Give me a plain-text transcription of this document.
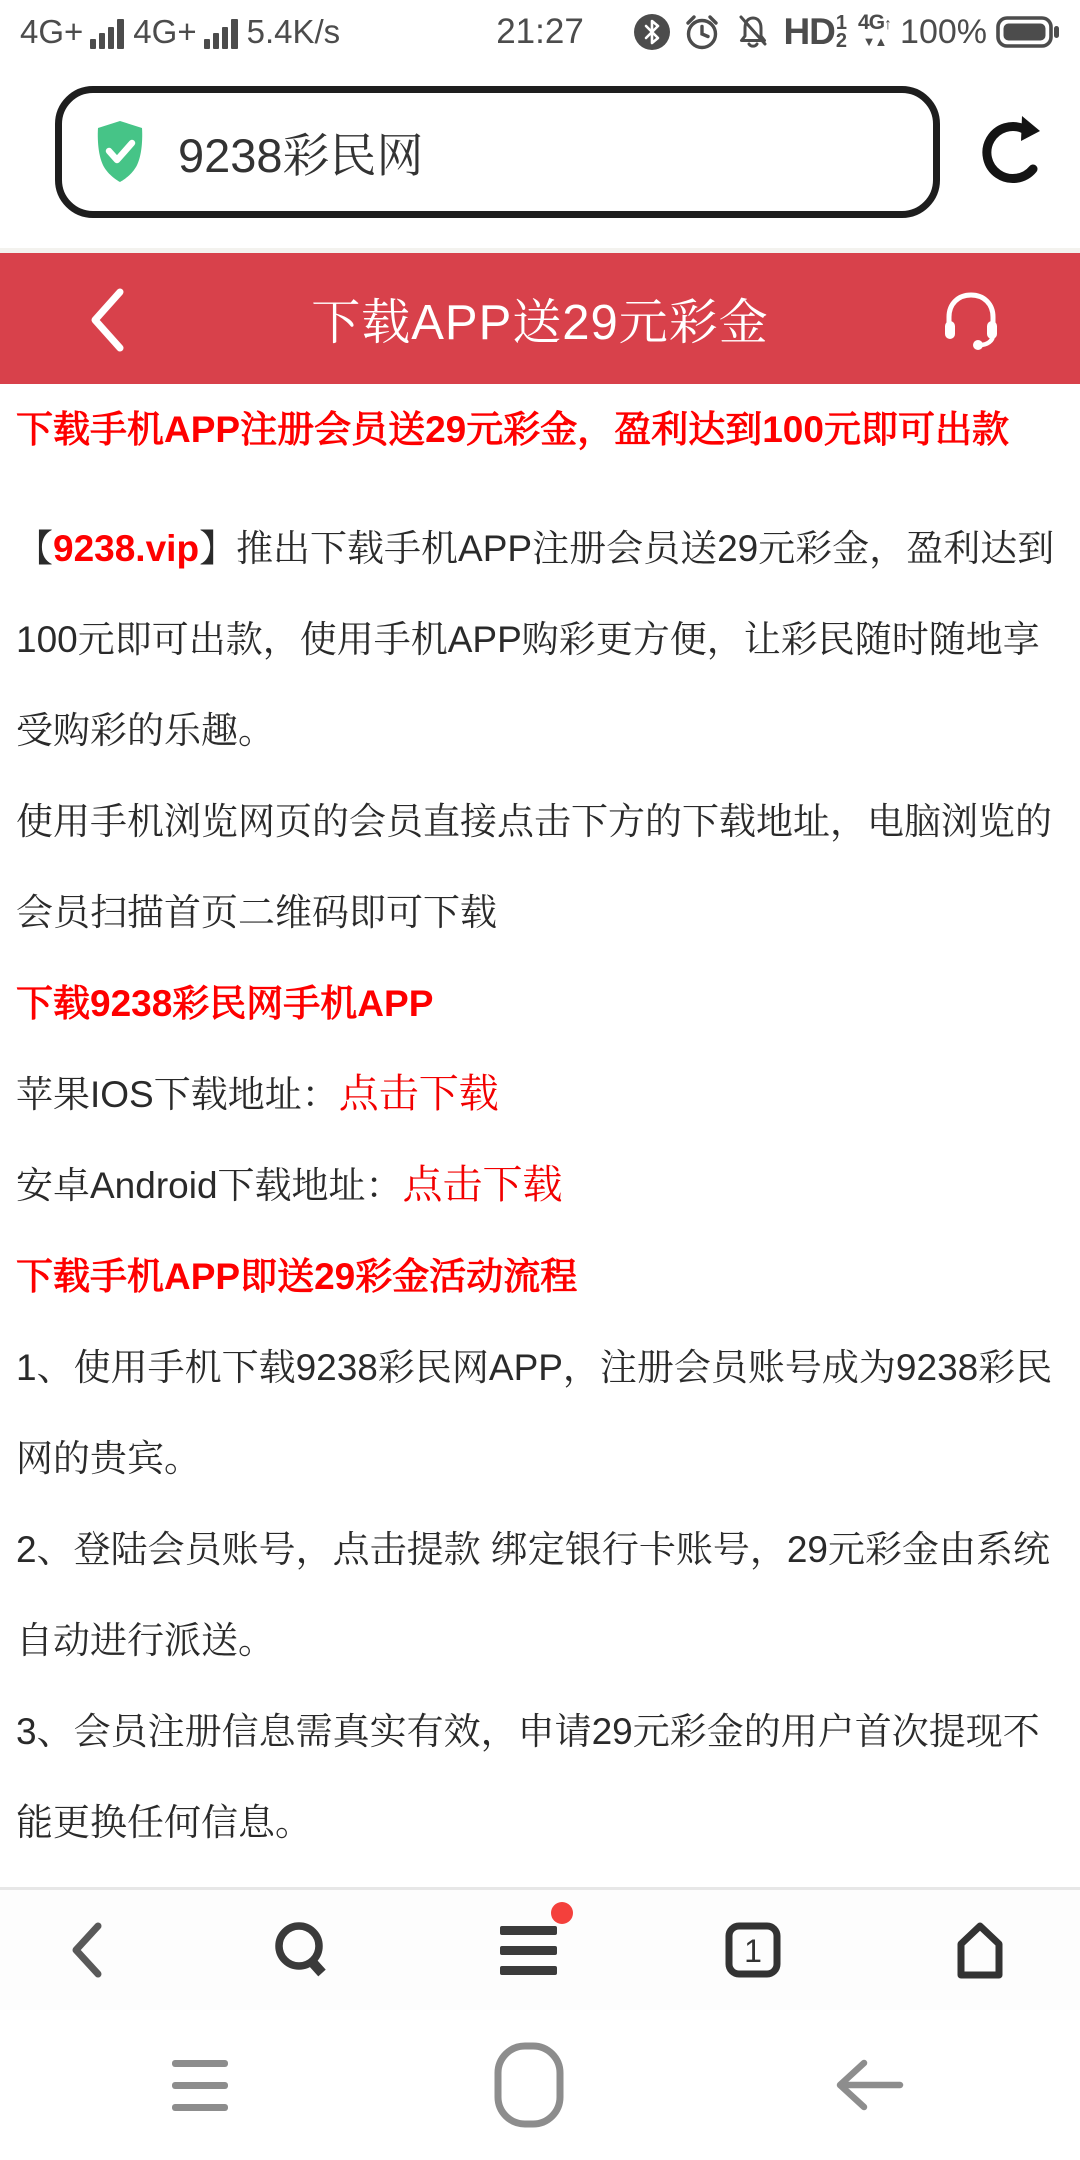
4G+ 4G+ 5.4K/s	21:27	HD 1
2
4G↑
▼▲ 100%
9238彩民网
下载APP送29元彩金

下载手机APP注册会员送29元彩金，盈利达到100元即可出款

【9238.vip】推出下载手机APP注册会员送29元彩金，盈利达到100元即可出款，使用手机APP购彩更方便，让彩民随时随地享受购彩的乐趣。

使用手机浏览网页的会员直接点击下方的下载地址，电脑浏览的会员扫描首页二维码即可下载

下载9238彩民网手机APP

苹果IOS下载地址：点击下载

安卓Android下载地址：点击下载

下载手机APP即送29彩金活动流程

1、使用手机下载9238彩民网APP，注册会员账号成为9238彩民网的贵宾。

2、登陆会员账号，点击提款 绑定银行卡账号，29元彩金由系统自动进行派送。

3、会员注册信息需真实有效，申请29元彩金的用户首次提现不能更换任何信息。

1
